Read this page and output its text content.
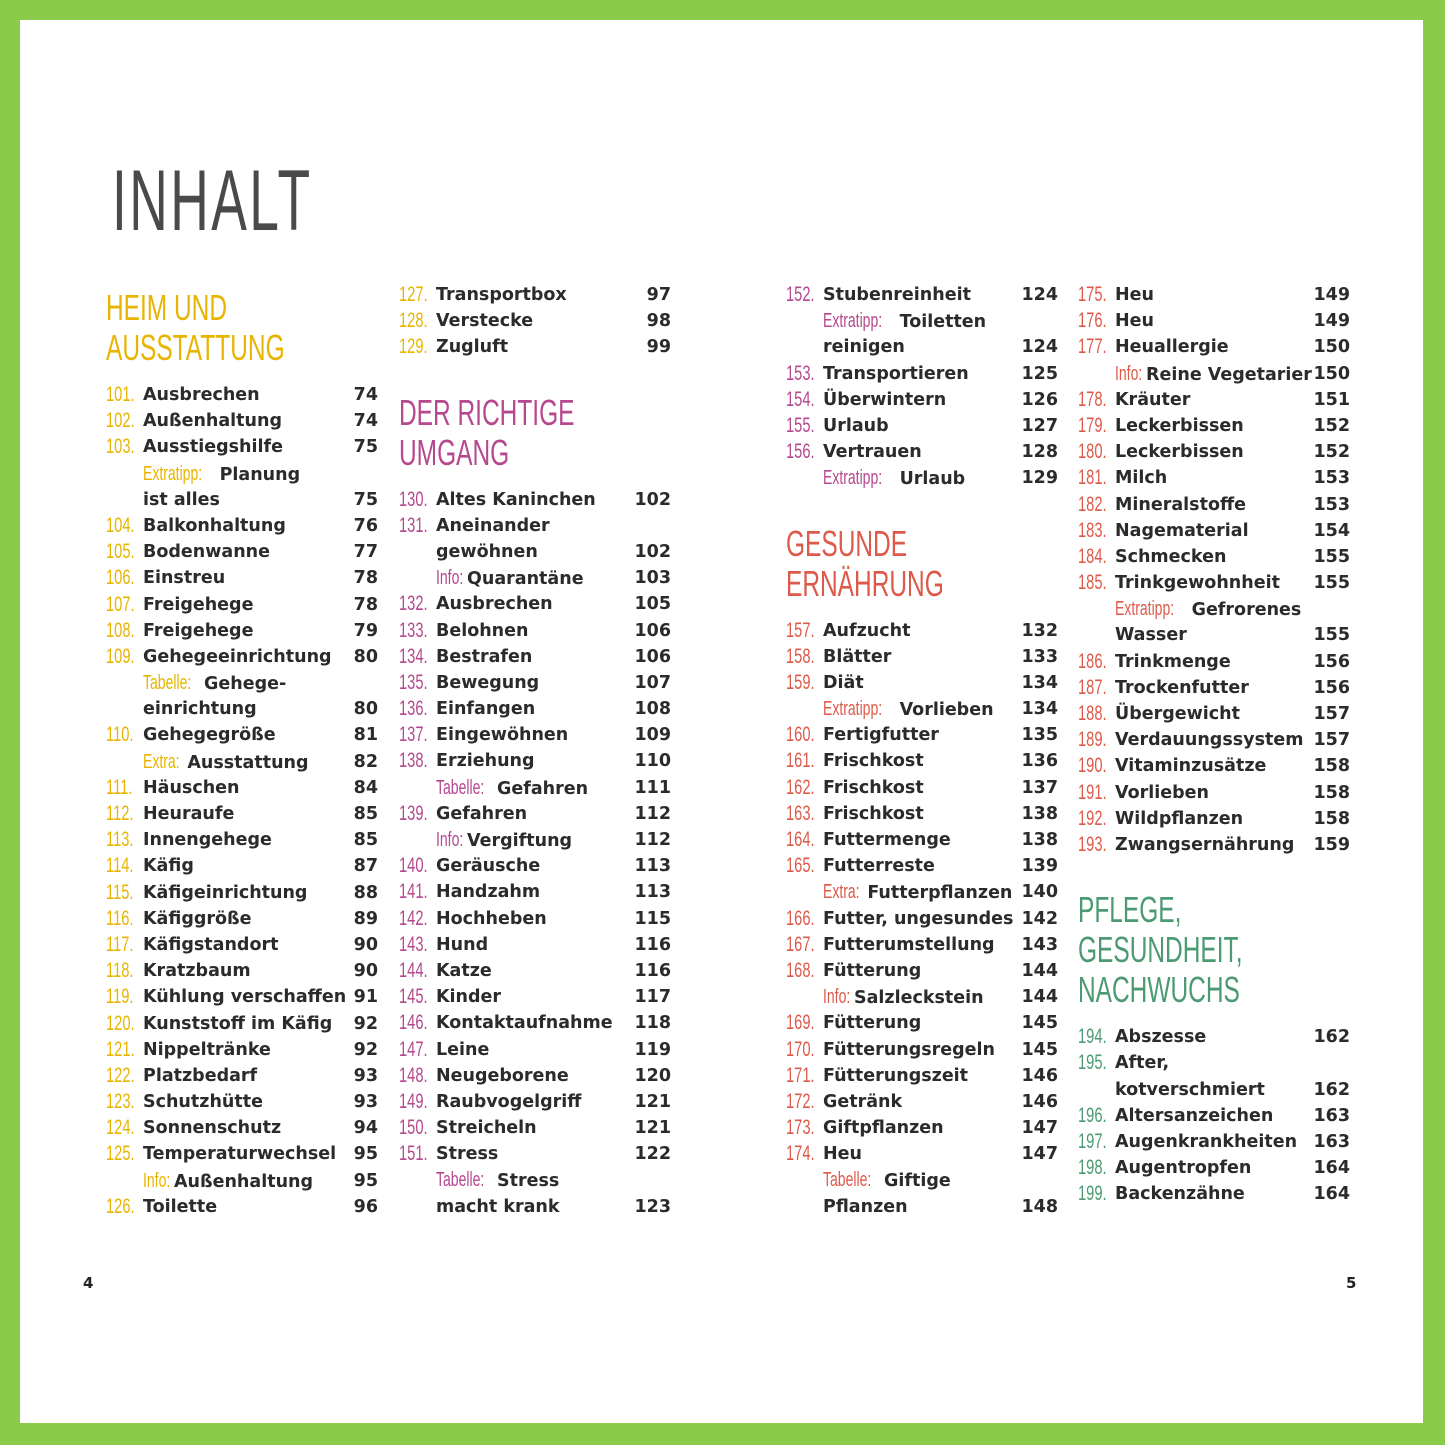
INHALT
HEIM UND
AUSSTATTUNG
101. Ausbrechen	74
102. Außenhaltung	74
103. Ausstiegshilfe	75
Extratipp: Planung
ist alles	75
104. Balkonhaltung	76
105. Bodenwanne	77
106. Einstreu	78
107. Freigehege	78
108. Freigehege	79
109. Gehegeeinrichtung 80
Tabelle: Gehege-
einrichtung	80
110. Gehegegröße	81
Extra: Ausstattung	82
111. Häuschen	84
112. Heuraufe	85
113. Innengehege	85
114. Käfig	87
115. Käfigeinrichtung	88
116. Käfiggröße	89
117. Käfigstandort	90
118. Kratzbaum	90
119. Kühlung verschaffen 91
120. Kunststoff im Käfig 92
121. Nippeltränke	92
122. Platzbedarf	93
123. Schutzhütte	93
124. Sonnenschutz	94
125. Temperaturwechsel 95
Info: Außenhaltung 95
126. Toilette	96
127. Transportbox	97
128. Verstecke	98
129. Zugluft	99
DER RICHTIGE
UMGANG
130. Altes Kaninchen 102
131. Aneinander
gewöhnen	102
Info: Quarantäne	103
132. Ausbrechen	105
133. Belohnen	106
134. Bestrafen	106
135. Bewegung	107
136. Einfangen	108
137. Eingewöhnen	109
138. Erziehung	110
Tabelle: Gefahren	111
139. Gefahren	112
Info: Vergiftung	112
140. Geräusche	113
141. Handzahm	113
142. Hochheben	115
143. Hund	116
144. Katze	116
145. Kinder	117
146. Kontaktaufnahme 118
147. Leine	119
148. Neugeborene	120
149. Raubvogelgriff	121
150. Streicheln	121
151. Stress	122
Tabelle: Stress
macht krank	123
152. Stubenreinheit	124
Extratipp: Toiletten
reinigen	124
153. Transportieren	125
154. Überwintern	126
155. Urlaub	127
156. Vertrauen	128
Extratipp: Urlaub	129
GESUNDE
ERNÄHRUNG
157. Aufzucht	132
158. Blätter	133
159. Diät	134
Extratipp: Vorlieben 134
160. Fertigfutter	135
161. Frischkost	136
162. Frischkost	137
163. Frischkost	138
164. Futtermenge	138
165. Futterreste	139
Extra: Futterpflanzen 140
166. Futter, ungesundes 142
167. Futterumstellung 143
168. Fütterung	144
Info: Salzleckstein 144
169. Fütterung	145
170. Fütterungsregeln 145
171. Fütterungszeit	146
172. Getränk	146
173. Giftpflanzen	147
174. Heu	147
Tabelle: Giftige
Pflanzen	148
175. Heu	149
176. Heu	149
177. Heuallergie	150
Info: Reine Vegetarier 150
178. Kräuter	151
179. Leckerbissen	152
180. Leckerbissen	152
181. Milch	153
182. Mineralstoffe	153
183. Nagematerial	154
184. Schmecken	155
185. Trinkgewohnheit 155
Extratipp: Gefrorenes
Wasser	155
186. Trinkmenge	156
187. Trockenfutter	156
188. Übergewicht	157
189. Verdauungssystem 157
190. Vitaminzusätze	158
191. Vorlieben	158
192. Wildpflanzen	158
193. Zwangsernährung 159
PFLEGE,
GESUNDHEIT,
NACHWUCHS
194. Abszesse	162
195. After,
kotverschmiert	162
196. Altersanzeichen 163
197. Augenkrankheiten 163
198. Augentropfen	164
199. Backenzähne	164
4	5
